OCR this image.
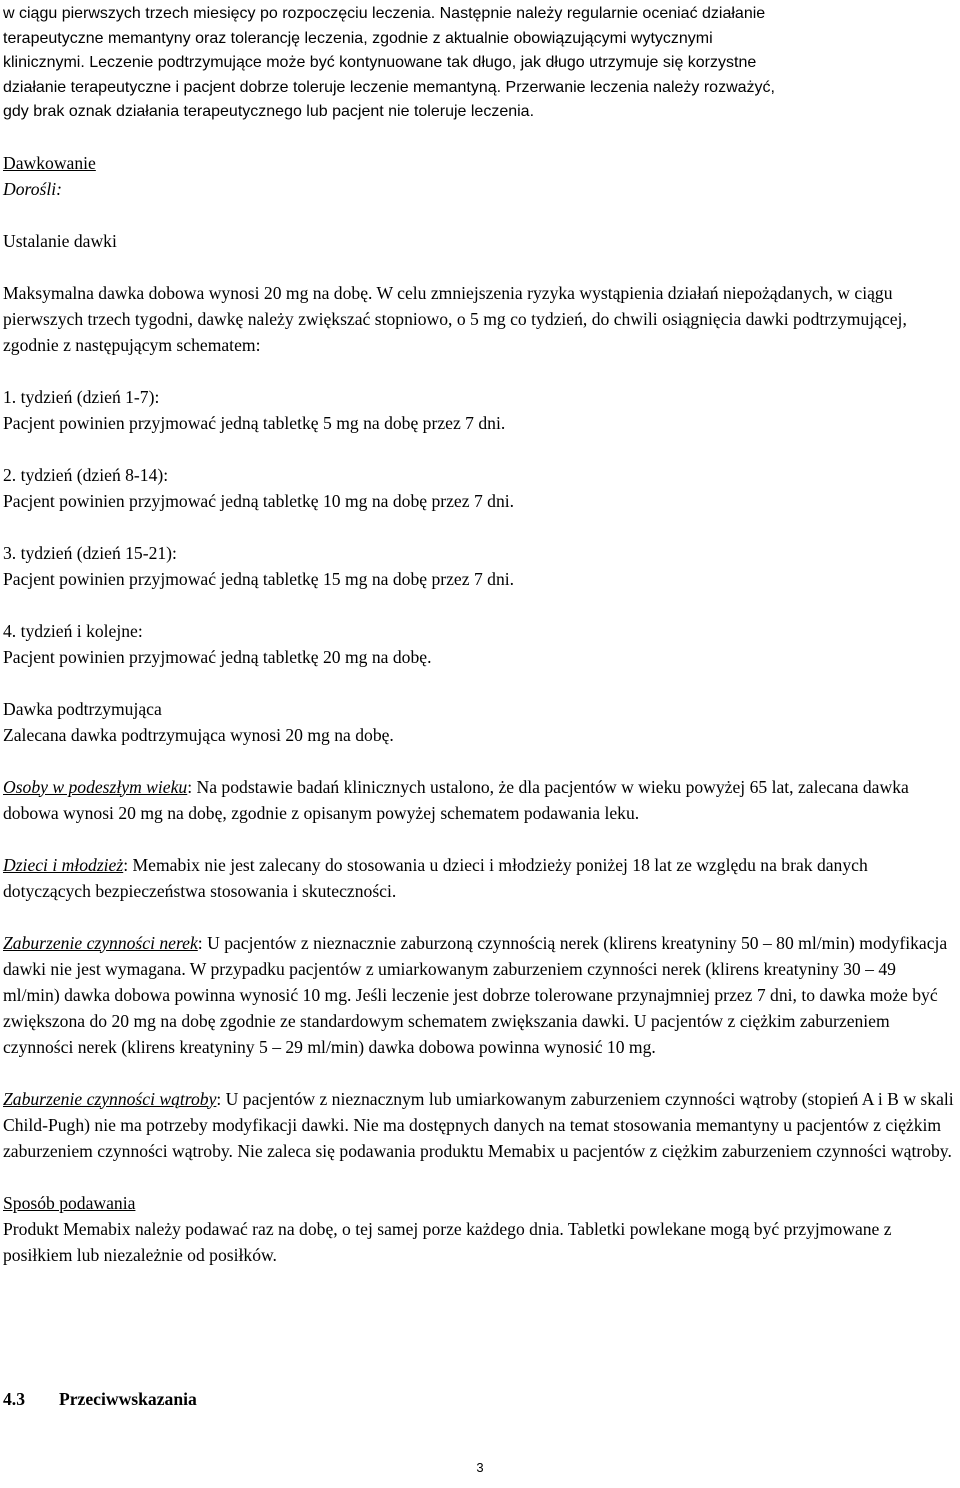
w ciągu pierwszych trzech miesięcy po rozpoczęciu leczenia. Następnie należy regularnie oceniać działanie
terapeutyczne memantyny oraz tolerancję leczenia, zgodnie z aktualnie obowiązującymi wytycznymi
klinicznymi. Leczenie podtrzymujące może być kontynuowane tak długo, jak długo utrzymuje się korzystne
działanie terapeutyczne i pacjent dobrze toleruje leczenie memantyną. Przerwanie leczenia należy rozważyć,
gdy brak oznak działania terapeutycznego lub pacjent nie toleruje leczenia.

Dawkowanie

Dorośli:

Ustalanie dawki

Maksymalna dawka dobowa wynosi 20 mg na dobę. W celu zmniejszenia ryzyka wystąpienia działań niepożądanych, w ciągu pierwszych trzech tygodni, dawkę należy zwiększać stopniowo, o 5 mg co tydzień, do chwili osiągnięcia dawki podtrzymującej, zgodnie z następującym schematem:

1. tydzień (dzień 1-7):

Pacjent powinien przyjmować jedną tabletkę 5 mg na dobę przez 7 dni.

2. tydzień (dzień 8-14):

Pacjent powinien przyjmować jedną tabletkę 10 mg na dobę przez 7 dni.

3. tydzień (dzień 15-21):

Pacjent powinien przyjmować jedną tabletkę 15 mg na dobę przez 7 dni.

4. tydzień i kolejne:

Pacjent powinien przyjmować jedną tabletkę 20 mg na dobę.

Dawka podtrzymująca

Zalecana dawka podtrzymująca wynosi 20 mg na dobę.

Osoby w podeszłym wieku: Na podstawie badań klinicznych ustalono, że dla pacjentów w wieku powyżej 65 lat, zalecana dawka dobowa wynosi 20 mg na dobę, zgodnie z opisanym powyżej schematem podawania leku.

Dzieci i młodzież: Memabix nie jest zalecany do stosowania u dzieci i młodzieży poniżej 18 lat ze względu na brak danych dotyczących bezpieczeństwa stosowania i skuteczności.

Zaburzenie czynności nerek: U pacjentów z nieznacznie zaburzoną czynnością nerek (klirens kreatyniny 50 – 80 ml/min) modyfikacja dawki nie jest wymagana. W przypadku pacjentów z umiarkowanym zaburzeniem czynności nerek (klirens kreatyniny 30 – 49 ml/min) dawka dobowa powinna wynosić 10 mg. Jeśli leczenie jest dobrze tolerowane przynajmniej przez 7 dni, to dawka może być zwiększona do 20 mg na dobę zgodnie ze standardowym schematem zwiększania dawki. U pacjentów z ciężkim zaburzeniem czynności nerek (klirens kreatyniny 5 – 29 ml/min) dawka dobowa powinna wynosić 10 mg.

Zaburzenie czynności wątroby: U pacjentów z nieznacznym lub umiarkowanym zaburzeniem czynności wątroby (stopień A i B w skali Child-Pugh) nie ma potrzeby modyfikacji dawki. Nie ma dostępnych danych na temat stosowania memantyny u pacjentów z ciężkim zaburzeniem czynności wątroby. Nie zaleca się podawania produktu Memabix u pacjentów z ciężkim zaburzeniem czynności wątroby.

Sposób podawania

Produkt Memabix należy podawać raz na dobę, o tej samej porze każdego dnia. Tabletki powlekane mogą być przyjmowane z posiłkiem lub niezależnie od posiłków.

4.3 Przeciwwskazania
3
